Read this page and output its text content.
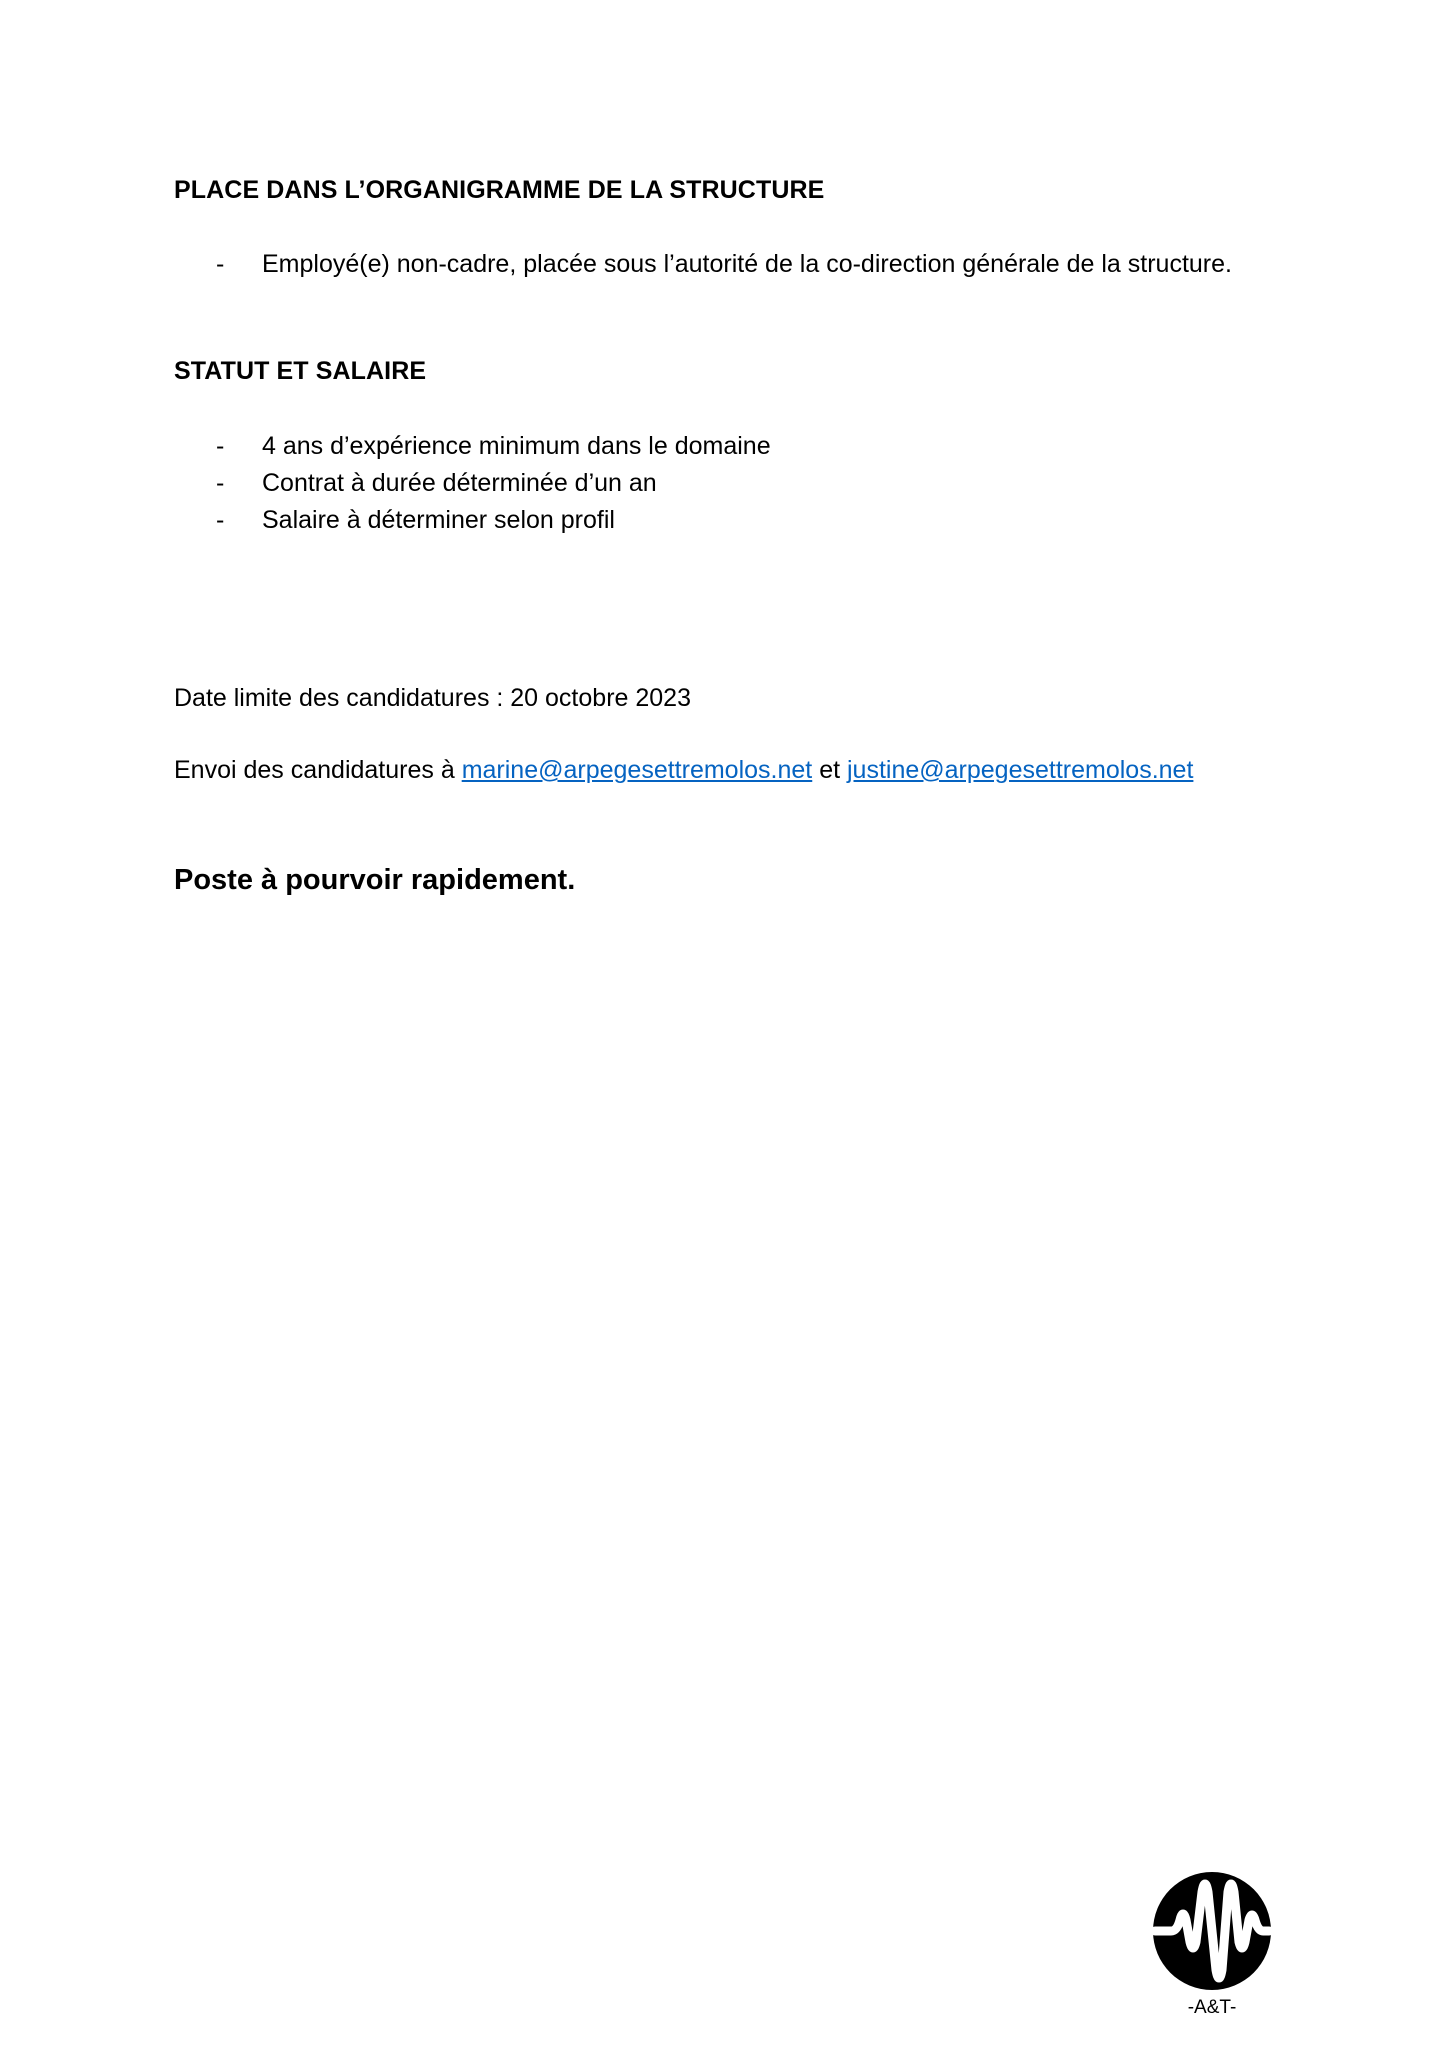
PLACE DANS L’ORGANIGRAMME DE LA STRUCTURE
- Employé(e) non-cadre, placée sous l’autorité de la co-direction générale de la structure.
STATUT ET SALAIRE
- 4 ans d’expérience minimum dans le domaine
- Contrat à durée déterminée d’un an
- Salaire à déterminer selon profil
Date limite des candidatures : 20 octobre 2023
Envoi des candidatures à marine@arpegesettremolos.net et justine@arpegesettremolos.net
Poste à pourvoir rapidement.
-A&T-
